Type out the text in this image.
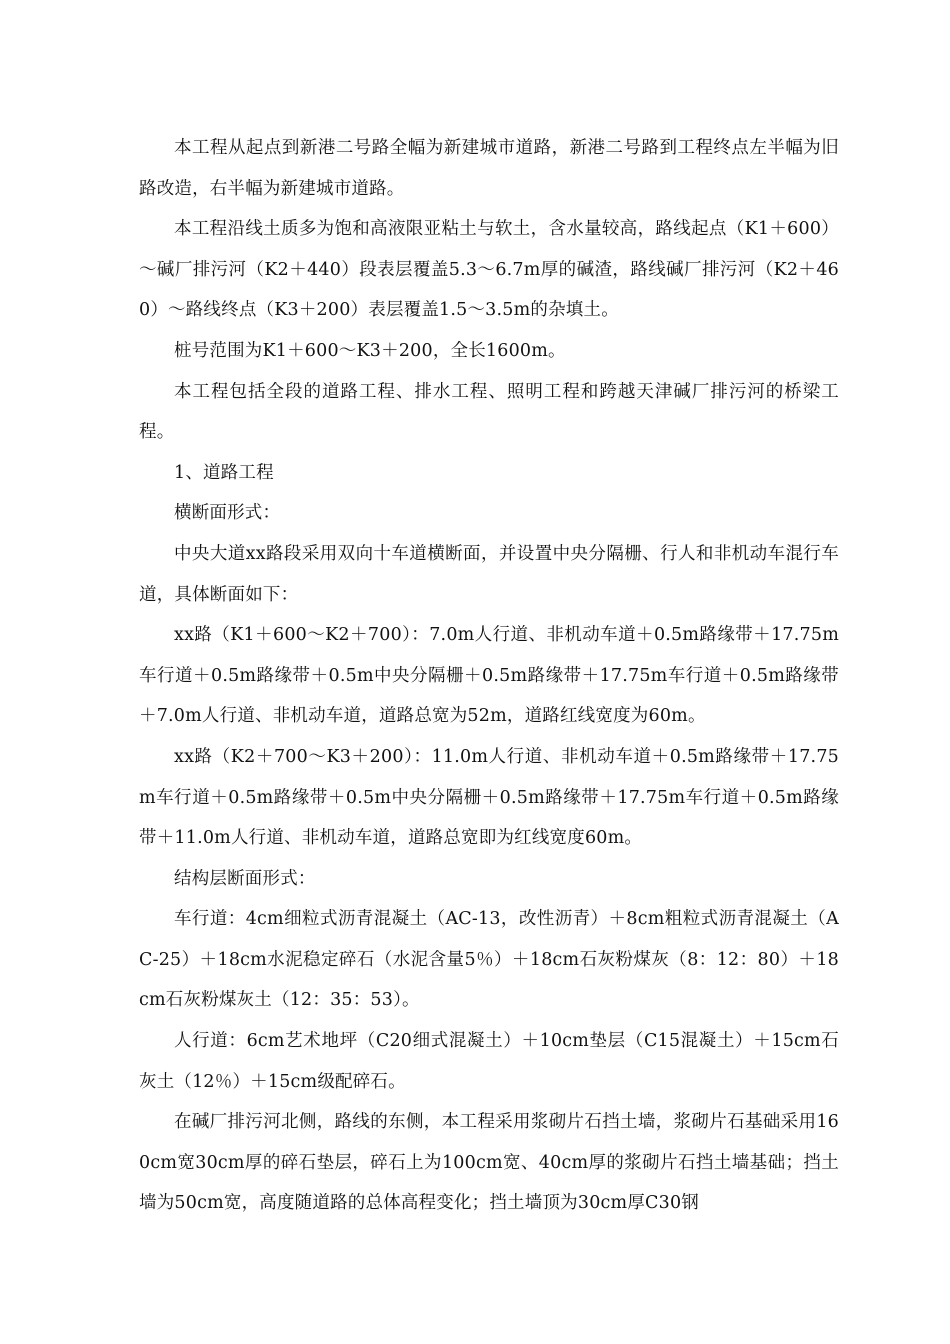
本工程从起点到新港二号路全幅为新建城市道路，新港二号路到工程终点左半幅为旧路改造，右半幅为新建城市道路。

本工程沿线土质多为饱和高液限亚粘土与软土，含水量较高，路线起点（K1＋600）～碱厂排污河（K2＋440）段表层覆盖5.3～6.7m厚的碱渣，路线碱厂排污河（K2＋460）～路线终点（K3＋200）表层覆盖1.5～3.5m的杂填土。

桩号范围为K1＋600～K3＋200，全长1600m。

本工程包括全段的道路工程、排水工程、照明工程和跨越天津碱厂排污河的桥梁工程。

1、道路工程

横断面形式：

中央大道xx路段采用双向十车道横断面，并设置中央分隔栅、行人和非机动车混行车道，具体断面如下：

xx路（K1＋600～K2＋700）：7.0m人行道、非机动车道＋0.5m路缘带＋17.75m车行道＋0.5m路缘带＋0.5m中央分隔栅＋0.5m路缘带＋17.75m车行道＋0.5m路缘带＋7.0m人行道、非机动车道，道路总宽为52m，道路红线宽度为60m。

xx路（K2＋700～K3＋200）：11.0m人行道、非机动车道＋0.5m路缘带＋17.75m车行道＋0.5m路缘带＋0.5m中央分隔栅＋0.5m路缘带＋17.75m车行道＋0.5m路缘带＋11.0m人行道、非机动车道，道路总宽即为红线宽度60m。

结构层断面形式：

车行道：4cm细粒式沥青混凝土（AC-13，改性沥青）＋8cm粗粒式沥青混凝土（AC-25）＋18cm水泥稳定碎石（水泥含量5％）＋18cm石灰粉煤灰（8：12：80）＋18cm石灰粉煤灰土（12：35：53）。

人行道：6cm艺术地坪（C20细式混凝土）＋10cm垫层（C15混凝土）＋15cm石灰土（12％）＋15cm级配碎石。

在碱厂排污河北侧，路线的东侧，本工程采用浆砌片石挡土墙，浆砌片石基础采用160cm宽30cm厚的碎石垫层，碎石上为100cm宽、40cm厚的浆砌片石挡土墙基础；挡土墙为50cm宽，高度随道路的总体高程变化；挡土墙顶为30cm厚C30钢
